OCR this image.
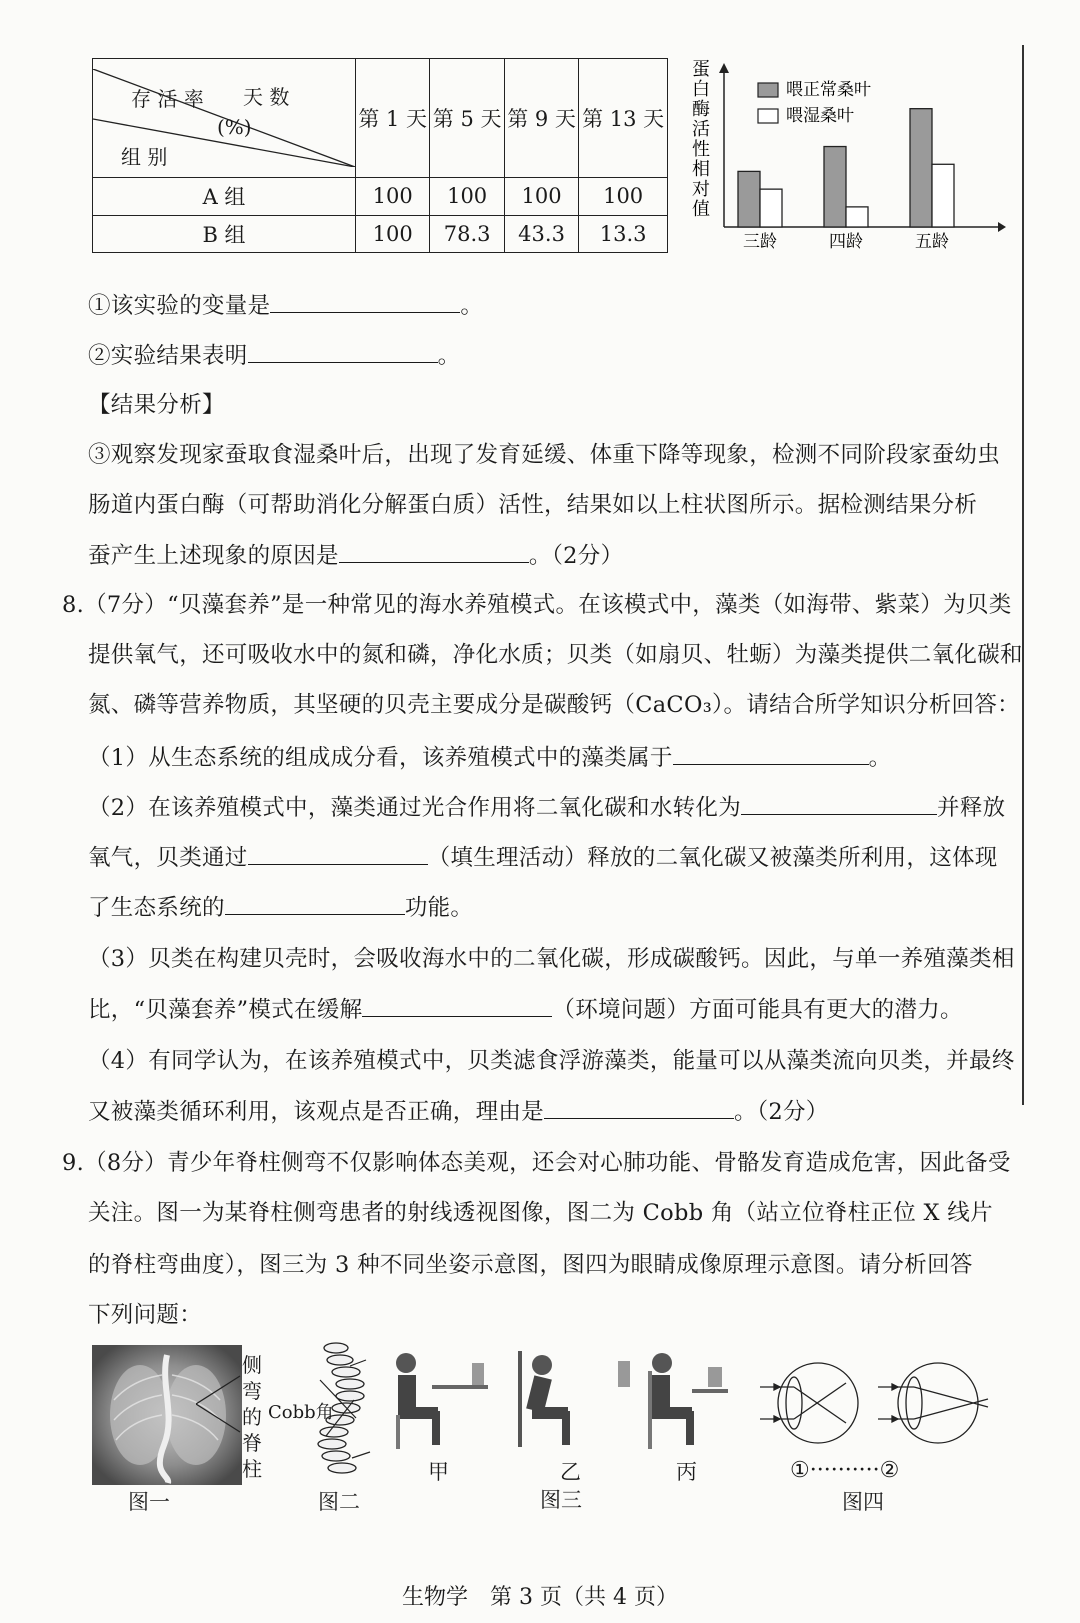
天 数
存 活 率
(%)
组 别	第 1 天	第 5 天	第 9 天	第 13 天
A 组	100	100	100	100
B 组	100	78.3	43.3	13.3
蛋白酶活性相对值
三龄	四龄	五龄
喂正常桑叶
喂湿桑叶
①该实验的变量是	。
②实验结果表明	。
【结果分析】
③观察发现家蚕取食湿桑叶后，出现了发育延缓、体重下降等现象，检测不同阶段家蚕幼虫
肠道内蛋白酶（可帮助消化分解蛋白质）活性，结果如以上柱状图所示。据检测结果分析
蚕产生上述现象的原因是	。（2分）
8.（7分）“贝藻套养”是一种常见的海水养殖模式。在该模式中，藻类（如海带、紫菜）为贝类
提供氧气，还可吸收水中的氮和磷，净化水质；贝类（如扇贝、牡蛎）为藻类提供二氧化碳和
氮、磷等营养物质，其坚硬的贝壳主要成分是碳酸钙（CaCO₃）。请结合所学知识分析回答：
（1）从生态系统的组成成分看，该养殖模式中的藻类属于	。
（2）在该养殖模式中，藻类通过光合作用将二氧化碳和水转化为	并释放
氧气，贝类通过	（填生理活动）释放的二氧化碳又被藻类所利用，这体现
了生态系统的	功能。
（3）贝类在构建贝壳时，会吸收海水中的二氧化碳，形成碳酸钙。因此，与单一养殖藻类相
比，“贝藻套养”模式在缓解	（环境问题）方面可能具有更大的潜力。
（4）有同学认为，在该养殖模式中，贝类滤食浮游藻类，能量可以从藻类流向贝类，并最终
又被藻类循环利用，该观点是否正确，理由是	。（2分）
9.（8分）青少年脊柱侧弯不仅影响体态美观，还会对心肺功能、骨骼发育造成危害，因此备受
关注。图一为某脊柱侧弯患者的射线透视图像，图二为 Cobb 角（站立位脊柱正位 X 线片
的脊柱弯曲度），图三为 3 种不同坐姿示意图，图四为眼睛成像原理示意图。请分析回答
下列问题：
侧弯的脊柱
图一
Cobb角
图二
甲	乙	丙
图三
①··········②
图四
生物学　第 3 页（共 4 页）
